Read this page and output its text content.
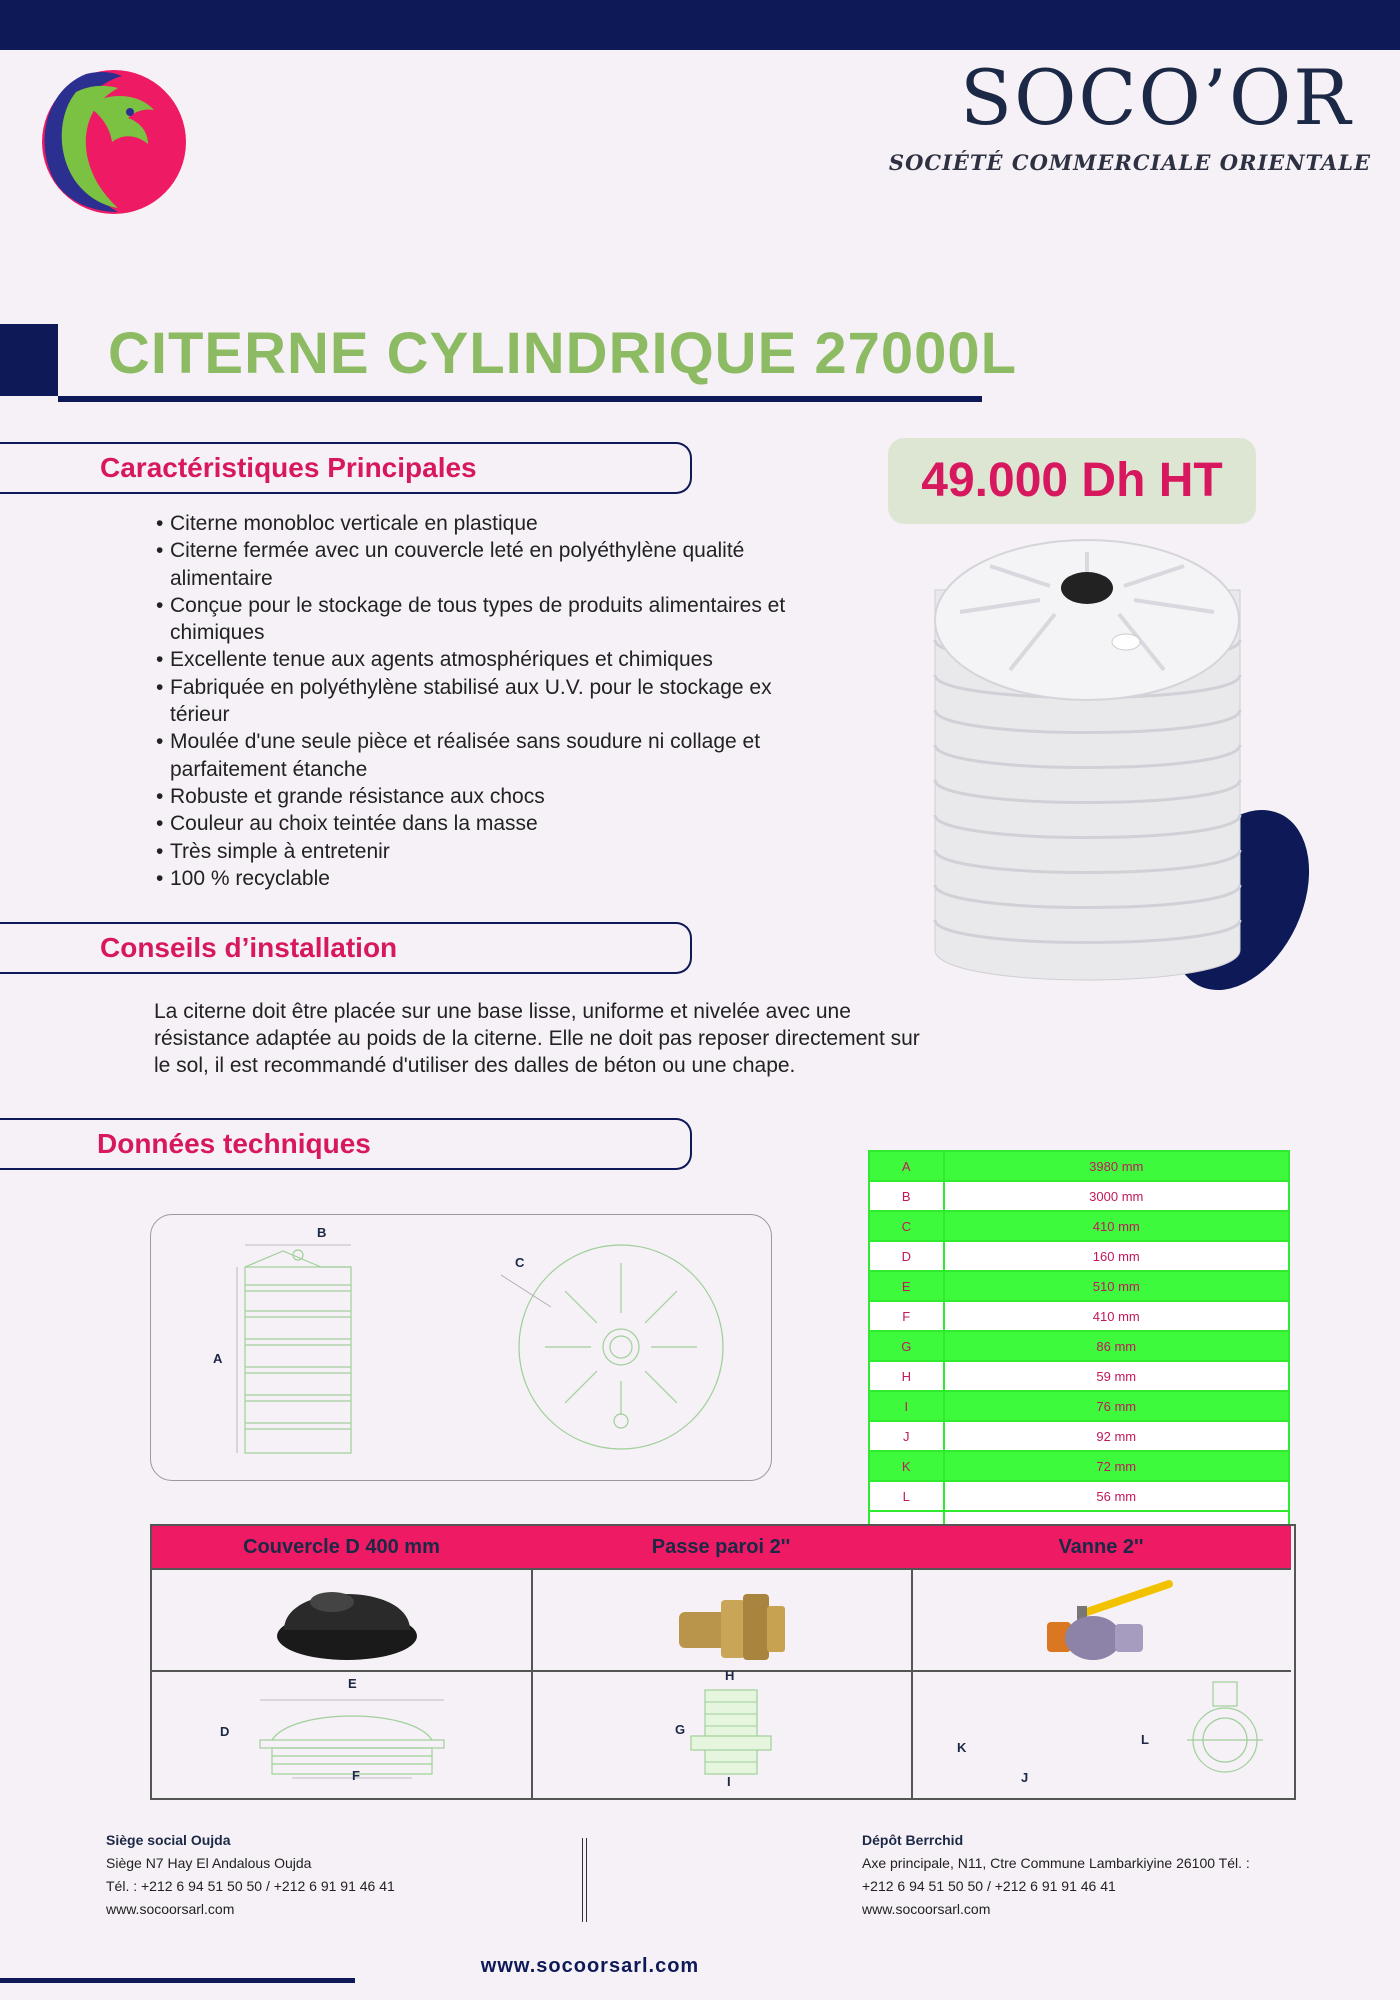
SOCO’OR
SOCIÉTÉ COMMERCIALE ORIENTALE
CITERNE CYLINDRIQUE 27000L
Caractéristiques Principales
• Citerne monobloc verticale en plastique
• Citerne fermée avec un couvercle leté en polyéthylène qualité alimentaire
• Conçue pour le stockage de tous types de produits alimentaires et chimiques
• Excellente tenue aux agents atmosphériques et chimiques
• Fabriquée en polyéthylène stabilisé aux U.V. pour le stockage ex térieur
• Moulée d'une seule pièce et réalisée sans soudure ni collage et parfaitement étanche
• Robuste et grande résistance aux chocs
• Couleur au choix teintée dans la masse
• Très simple à entretenir
• 100 % recyclable
49.000 Dh HT
Conseils d’installation
La citerne doit être placée sur une base lisse, uniforme et nivelée avec une résistance adaptée au poids de la citerne. Elle ne doit pas reposer directement sur le sol, il est recommandé d'utiliser des dalles de béton ou une chape.
Données techniques
B
A
C
A	3980 mm
B	3000 mm
C	410 mm
D	160 mm
E	510 mm
F	410 mm
G	86 mm
H	59 mm
I	76 mm
J	92 mm
K	72 mm
L	56 mm

Couvercle D 400 mm
E
D
F
Passe paroi 2''
H
G
I
Vanne 2''
K
L
J
Siège social Oujda
Siège N7 Hay El Andalous Oujda
Tél. : +212 6 94 51 50 50 / +212 6 91 91 46 41
www.socoorsarl.com
Dépôt Berrchid
Axe principale, N11, Ctre Commune Lambarkiyine 26100 Tél. :
+212 6 94 51 50 50 / +212 6 91 91 46 41
www.socoorsarl.com
www.socoorsarl.com
